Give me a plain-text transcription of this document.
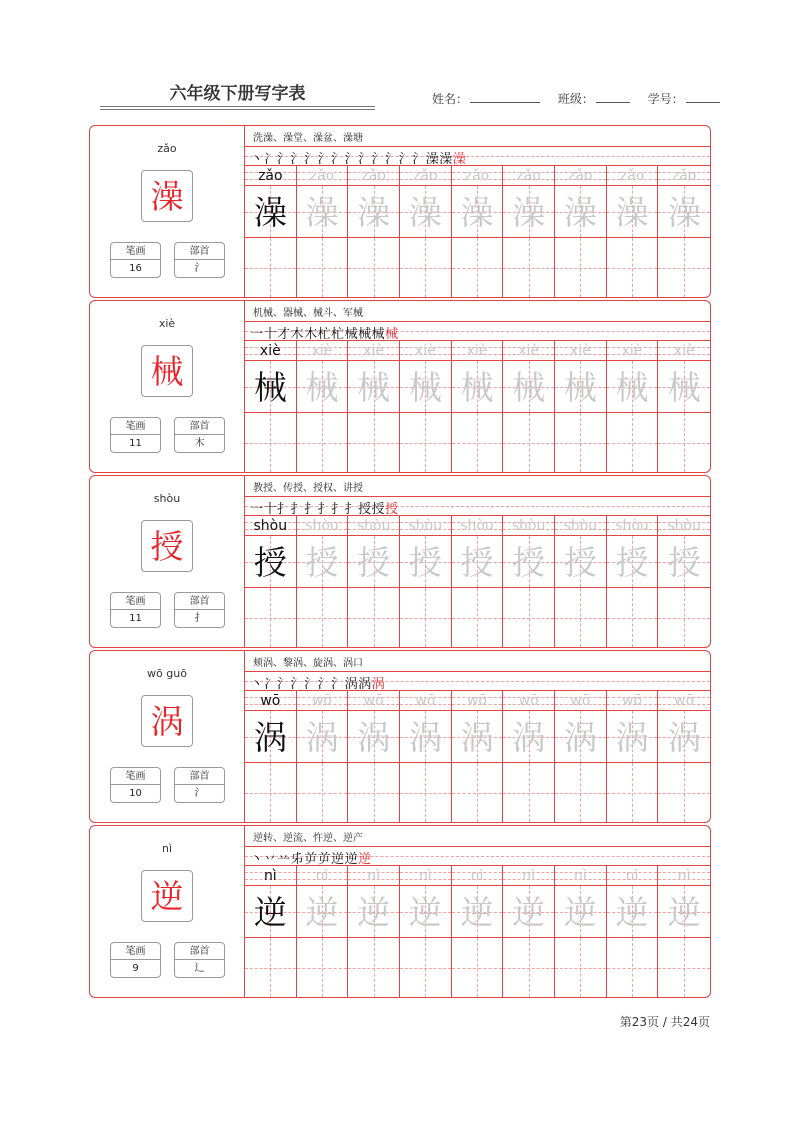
六年级下册写字表	姓名：	班级：	学号：
zǎo
澡
笔画
16
部首
氵
洗澡、澡堂、澡盆、澡塘
丶冫氵氵氵氵氵氵氵氵氵氵氵澡澡澡
zǎo
澡
zǎo
澡
zǎo
澡
zǎo
澡
zǎo
澡
zǎo
澡
zǎo
澡
zǎo
澡
zǎo
澡
xiè
械
笔画
11
部首
木
机械、器械、械斗、军械
一十才木木杧杧械械械械
xiè
械
xiè
械
xiè
械
xiè
械
xiè
械
xiè
械
xiè
械
xiè
械
xiè
械
shòu
授
笔画
11
部首
扌
教授、传授、授权、讲授
一十扌扌扌扌扌扌授授授
shòu
授
shòu
授
shòu
授
shòu
授
shòu
授
shòu
授
shòu
授
shòu
授
shòu
授
wō guō
涡
笔画
10
部首
氵
颊涡、黎涡、旋涡、涡口
丶冫氵氵氵氵氵涡涡涡
wō
涡
wō
涡
wō
涡
wō
涡
wō
涡
wō
涡
wō
涡
wō
涡
wō
涡
nì
逆
笔画
9
部首
辶
逆转、逆流、忤逆、逆产
丶丷䒑𠂔屰屰逆逆逆
nì
逆
nì
逆
nì
逆
nì
逆
nì
逆
nì
逆
nì
逆
nì
逆
nì
逆
第23页 / 共24页
